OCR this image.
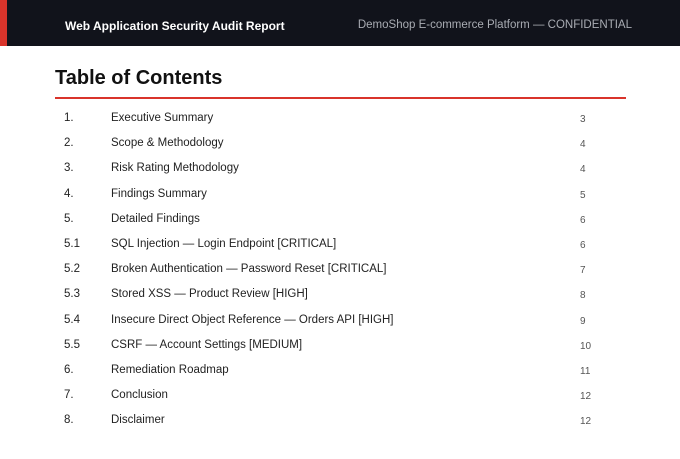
Web Application Security Audit Report	DemoShop E-commerce Platform — CONFIDENTIAL
Table of Contents
1.	Executive Summary	3
2.	Scope & Methodology	4
3.	Risk Rating Methodology	4
4.	Findings Summary	5
5.	Detailed Findings	6
5.1	SQL Injection — Login Endpoint [CRITICAL]	6
5.2	Broken Authentication — Password Reset [CRITICAL]	7
5.3	Stored XSS — Product Review [HIGH]	8
5.4	Insecure Direct Object Reference — Orders API [HIGH]	9
5.5	CSRF — Account Settings [MEDIUM]	10
6.	Remediation Roadmap	11
7.	Conclusion	12
8.	Disclaimer	12
